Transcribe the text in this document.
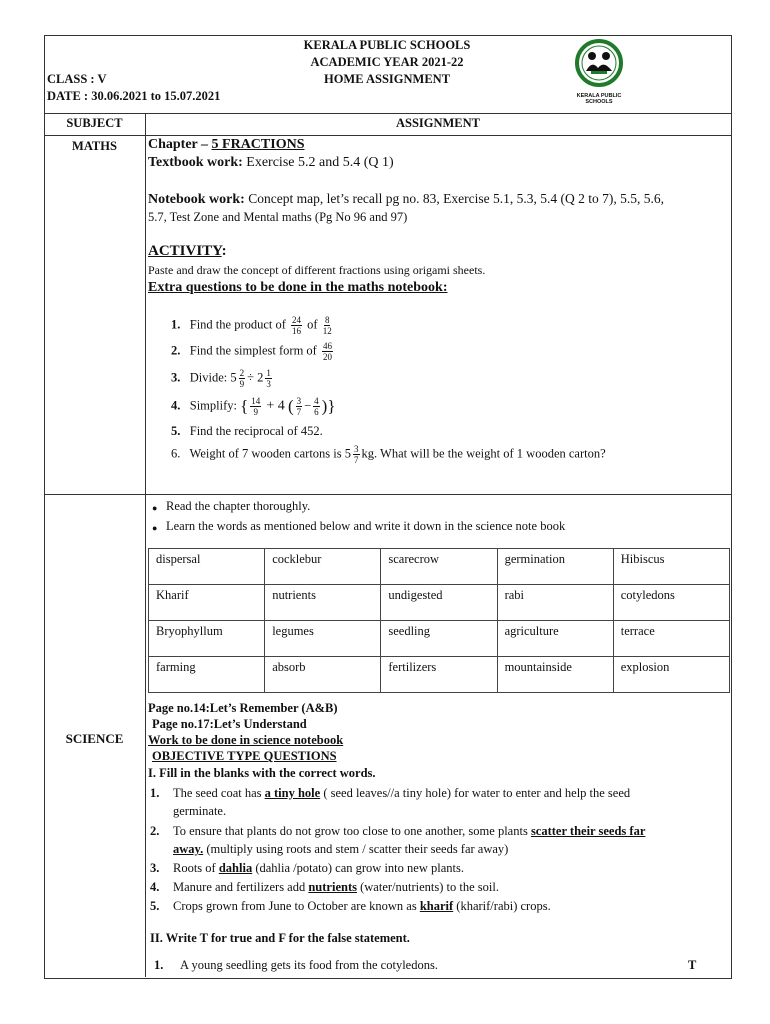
KERALA PUBLIC SCHOOLS
ACADEMIC YEAR 2021-22
HOME ASSIGNMENT
CLASS : V
DATE : 30.06.2021 to 15.07.2021	KERALA PUBLIC SCHOOLS
SUBJECT	ASSIGNMENT
MATHS	Chapter – 5 FRACTIONS
Textbook work: Exercise 5.2 and 5.4 (Q 1)
Notebook work: Concept map, let’s recall pg no. 83, Exercise 5.1, 5.3, 5.4 (Q 2 to 7), 5.5, 5.6,
5.7, Test Zone and Mental maths (Pg No 96 and 97)
ACTIVITY:
Paste and draw the concept of different fractions using origami sheets.
Extra questions to be done in the maths notebook:
1. Find the product of $\frac{24}{16}$ of $\frac{8}{12}$
2. Find the simplest form of $\frac{46}{20}$
3. Divide: $5 \frac{2}{9} \div 2 \frac{1}{3}$
4. Simplify: { $\frac{14}{9} + 4$ ( $\frac{3}{7} - \frac{4}{6}$ )}
5. Find the reciprocal of 452.
6. Weight of 7 wooden cartons is $5 \frac{3}{7}$ kg. What will be the weight of 1 wooden carton?
SCIENCE
● Read the chapter thoroughly.
● Learn the words as mentioned below and write it down in the science note book
dispersal	cocklebur	scarecrow	germination	Hibiscus
Kharif	nutrients	undigested	rabi	cotyledons
Bryophyllum	legumes	seedling	agriculture	terrace
farming	absorb	fertilizers	mountainside	explosion
Page no.14:Let’s Remember (A&B)
Page no.17:Let’s Understand
Work to be done in science notebook
OBJECTIVE TYPE QUESTIONS
I. Fill in the blanks with the correct words.
1. The seed coat has a tiny hole ( seed leaves//a tiny hole) for water to enter and help the seed
germinate.
2. To ensure that plants do not grow too close to one another, some plants scatter their seeds far
away. (multiply using roots and stem / scatter their seeds far away)
3. Roots of dahlia (dahlia /potato) can grow into new plants.
4. Manure and fertilizers add nutrients (water/nutrients) to the soil.
5. Crops grown from June to October are known as kharif (kharif/rabi) crops.
II. Write T for true and F for the false statement.
1. A young seedling gets its food from the cotyledons.	T
